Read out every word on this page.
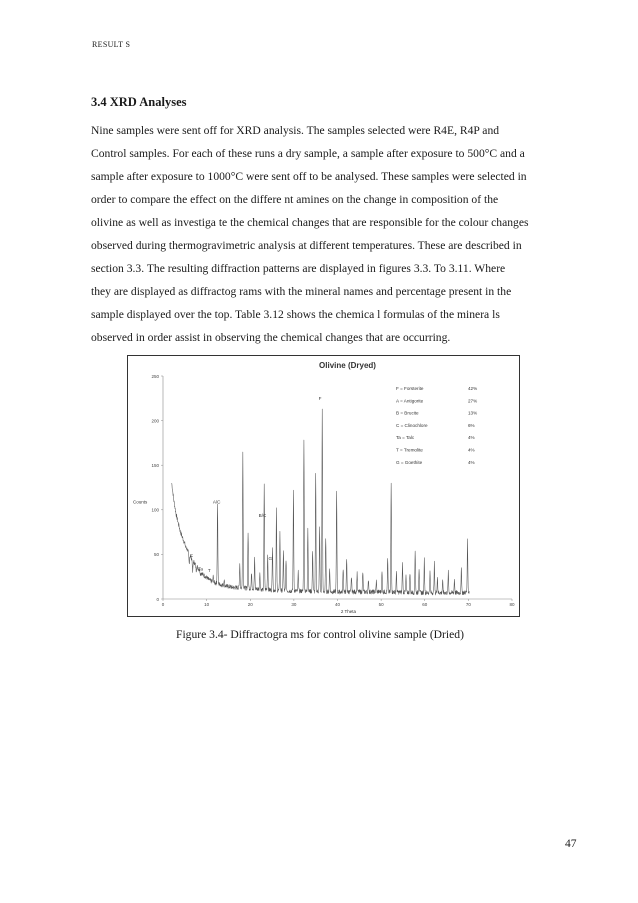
RESULT S
3.4 XRD Analyses
Nine samples were sent off for XRD analysis. The samples selected were R4E, R4P and
Control samples. For each of these runs a dry sample, a sample after exposure to 500°C and a
sample after exposure to 1000°C were sent off to be analysed. These samples were selected in
order to compare the effect on the differe nt amines on the change in composition of the
olivine as well as investiga te the chemical changes that are responsible for the colour changes
observed during thermogravimetric analysis at different temperatures. These are described in
section 3.3. The resulting diffraction patterns are displayed in figures 3.3. To 3.11. Where
they are displayed as diffractog rams with the mineral names and percentage present in the
sample displayed over the top. Table 3.12 shows the chemica l formulas of the minera ls
observed in order assist in observing the chemical changes that are occurring.
Olivine (Dryed)
0
50
100
150
200
250
0	10	20	30	40	50	60	70	80
Counts
2 Theta
C
Ta T
A/C
B/C
G
F
F = Forsterite	42%
A = Antigorite	27%
B = Brucite	13%
C = Clinochlore	6%
Ta = Talc	4%
T = Tremolite	4%
G = Goethite	4%
Figure 3.4- Diffractogra ms for control olivine sample (Dried)
47
